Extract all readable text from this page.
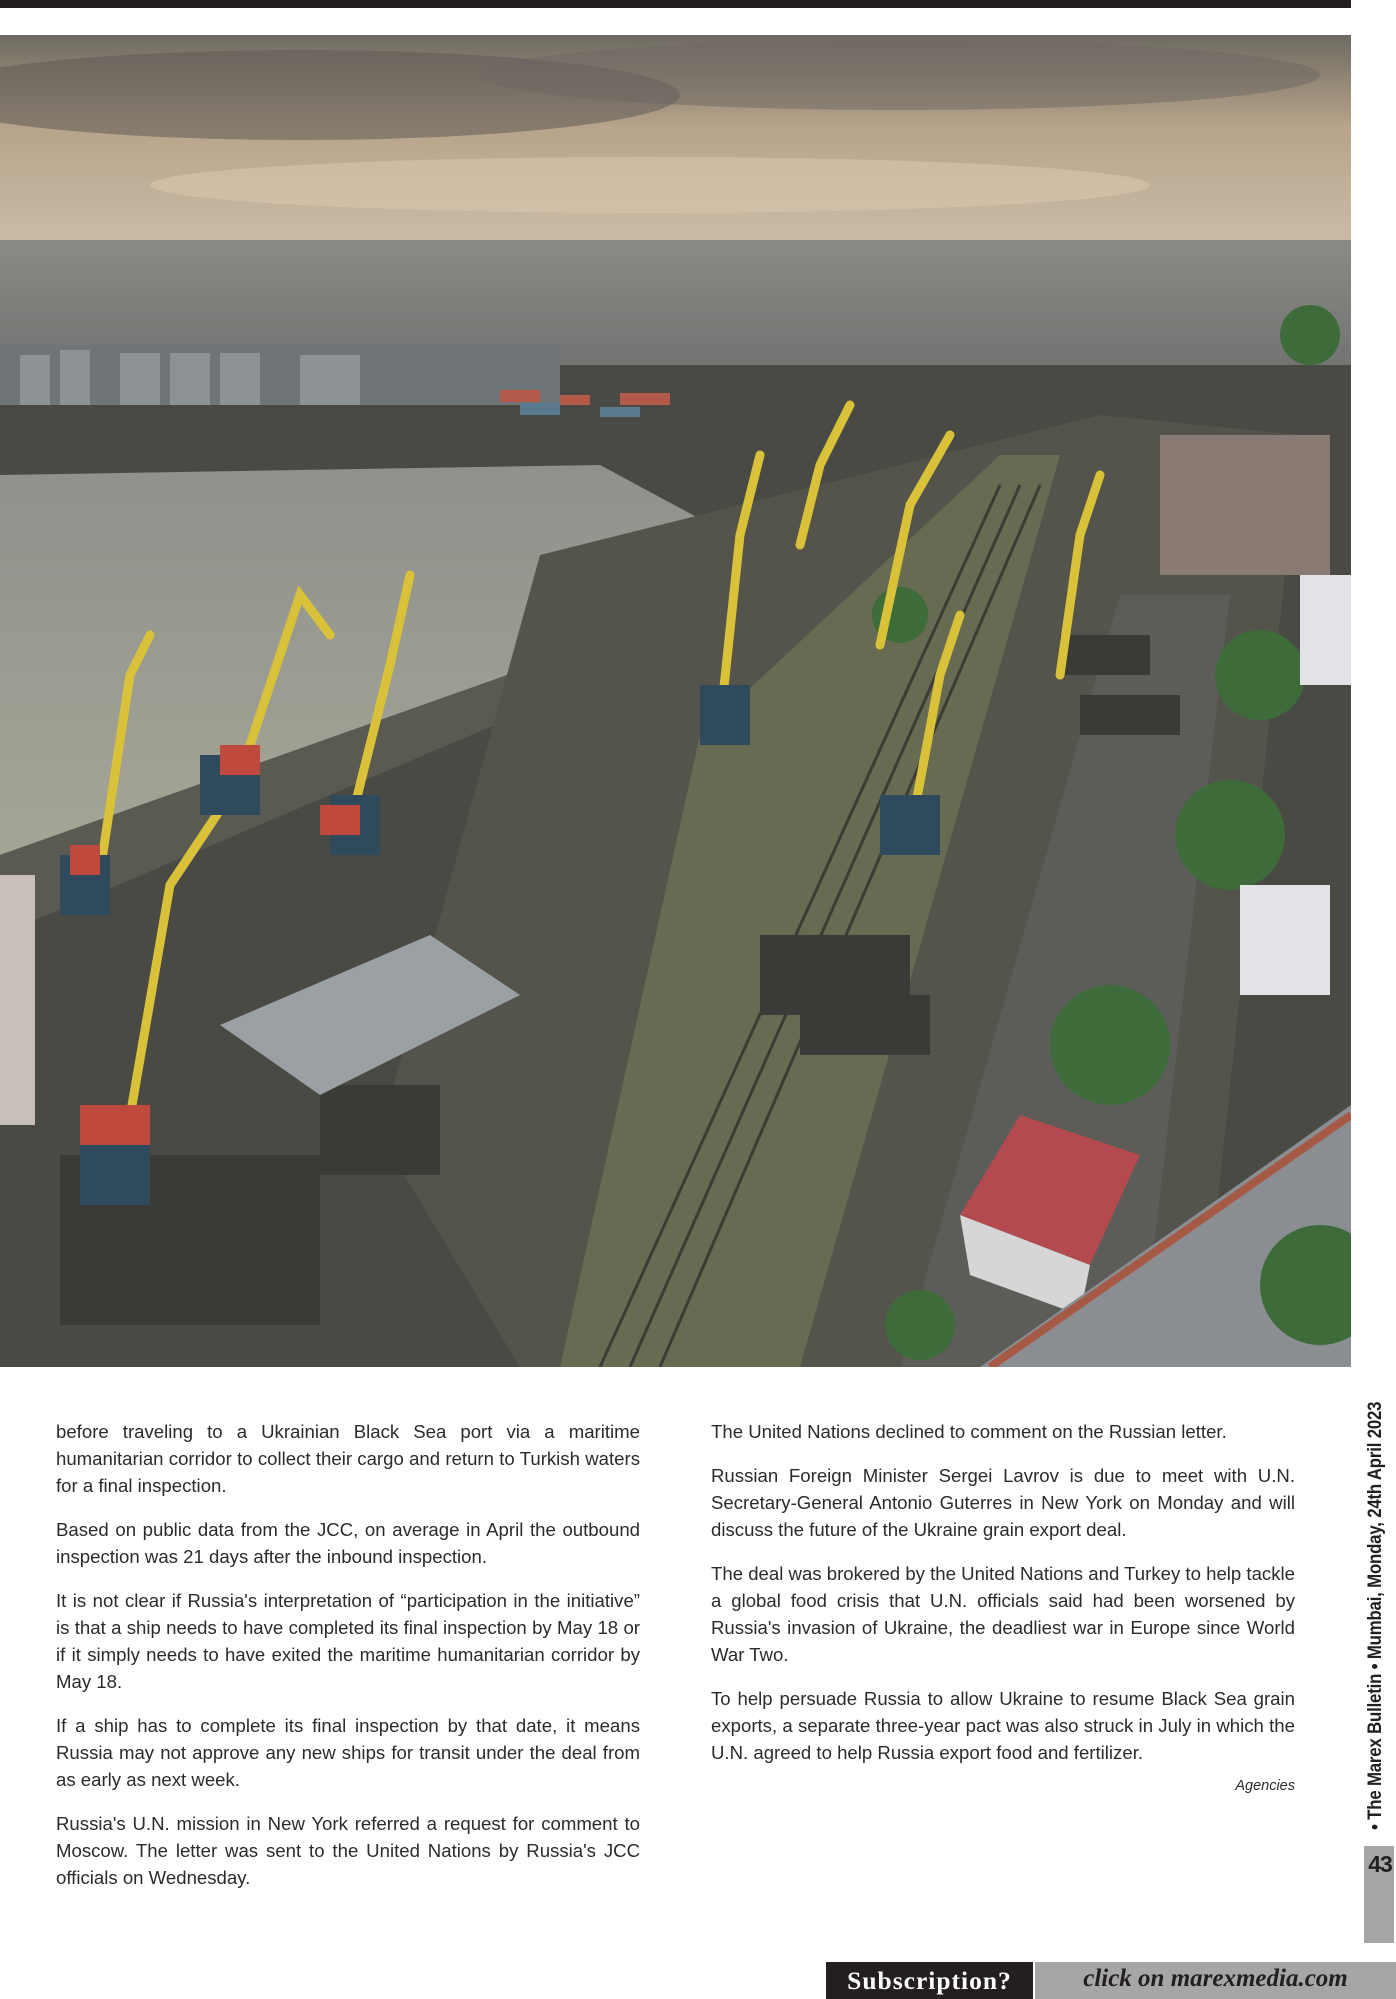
before traveling to a Ukrainian Black Sea port via a maritime humanitarian corridor to collect their cargo and return to Turkish waters for a final inspection.

Based on public data from the JCC, on average in April the outbound inspection was 21 days after the inbound inspection.

It is not clear if Russia's interpretation of “participation in the initiative” is that a ship needs to have completed its final inspection by May 18 or if it simply needs to have exited the maritime humanitarian corridor by May 18.

If a ship has to complete its final inspection by that date, it means Russia may not approve any new ships for transit under the deal from as early as next week.

Russia's U.N. mission in New York referred a request for comment to Moscow. The letter was sent to the United Nations by Russia's JCC officials on Wednesday.

The United Nations declined to comment on the Russian letter.

Russian Foreign Minister Sergei Lavrov is due to meet with U.N. Secretary-General Antonio Guterres in New York on Monday and will discuss the future of the Ukraine grain export deal.

The deal was brokered by the United Nations and Turkey to help tackle a global food crisis that U.N. officials said had been worsened by Russia's invasion of Ukraine, the deadliest war in Europe since World War Two.

To help persuade Russia to allow Ukraine to resume Black Sea grain exports, a separate three-year pact was also struck in July in which the U.N. agreed to help Russia export food and fertilizer.

Agencies	• The Marex Bulletin • Mumbai, Monday, 24th April 2023
43
Subscription?	click on marexmedia.com
